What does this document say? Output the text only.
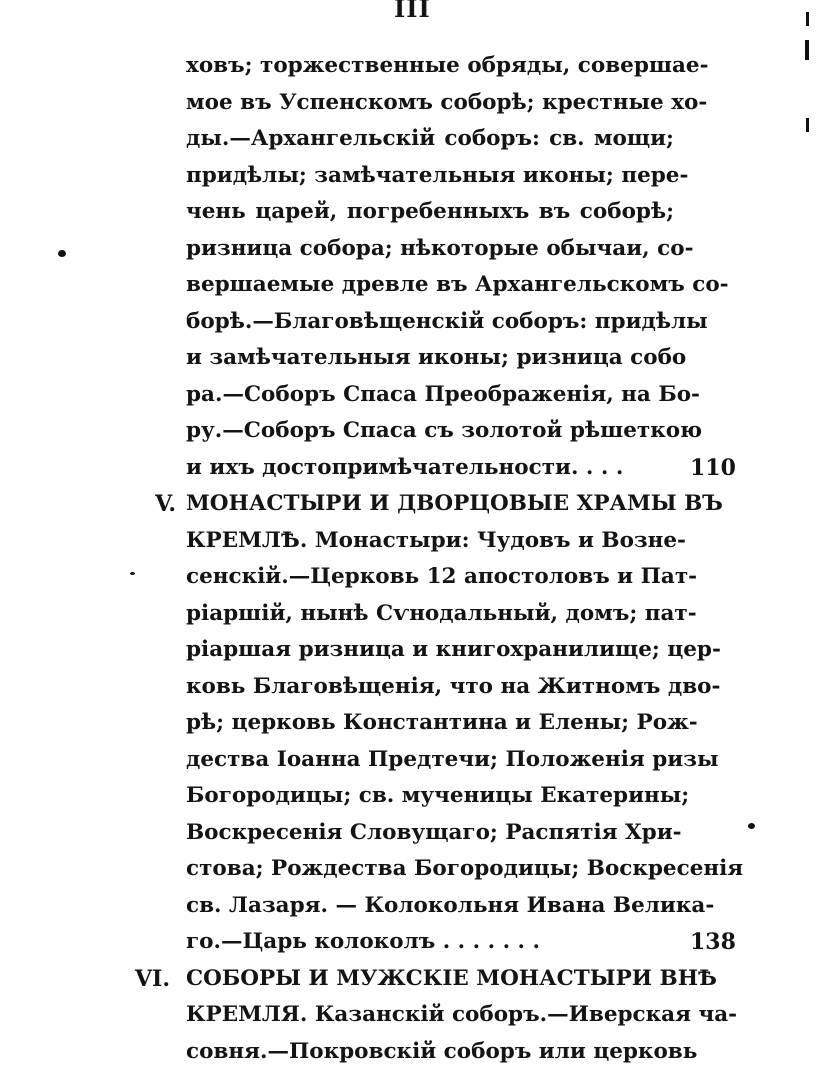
III
ховъ; торжественные обряды, совершае-
мое въ Успенскомъ соборѣ; крестные хо-
ды.—Архангельскій соборъ: св. мощи;
придѣлы; замѣчательныя иконы; пере-
чень царей, погребенныхъ въ соборѣ;
ризница собора; нѣкоторые обычаи, со-
вершаемые древле въ Архангельскомъ со-
борѣ.—Благовѣщенскій соборъ: придѣлы
и замѣчательныя иконы; ризница собо
ра.—Соборъ Спаса Преображенія, на Бо-
ру.—Соборъ Спаса съ золотой рѣшеткою
и ихъ достопримѣчательности. . . .
V. МОНАСТЫРИ И ДВОРЦОВЫЕ ХРАМЫ ВЪ
КРЕМЛѢ. Монастыри: Чудовъ и Возне-
сенскій.—Церковь 12 апостоловъ и Пат-
ріаршій, нынѣ Сѵнодальный, домъ; пат-
ріаршая ризница и книгохранилище; цер-
ковь Благовѣщенія, что на Житномъ дво-
рѣ; церковь Константина и Елены; Рож-
дества Іоанна Предтечи; Положенія ризы
Богородицы; св. мученицы Екатерины;
Воскресенія Словущаго; Распятія Хри-
стова; Рождества Богородицы; Воскресенія
св. Лазаря. — Колокольня Ивана Велика-
го.—Царь колоколъ . . . . . . .
VI. СОБОРЫ И МУЖСКІЕ МОНАСТЫРИ ВНѢ
КРЕМЛЯ. Казанскій соборъ.—Иверская ча-
совня.—Покровскій соборъ или церковь
110
138
